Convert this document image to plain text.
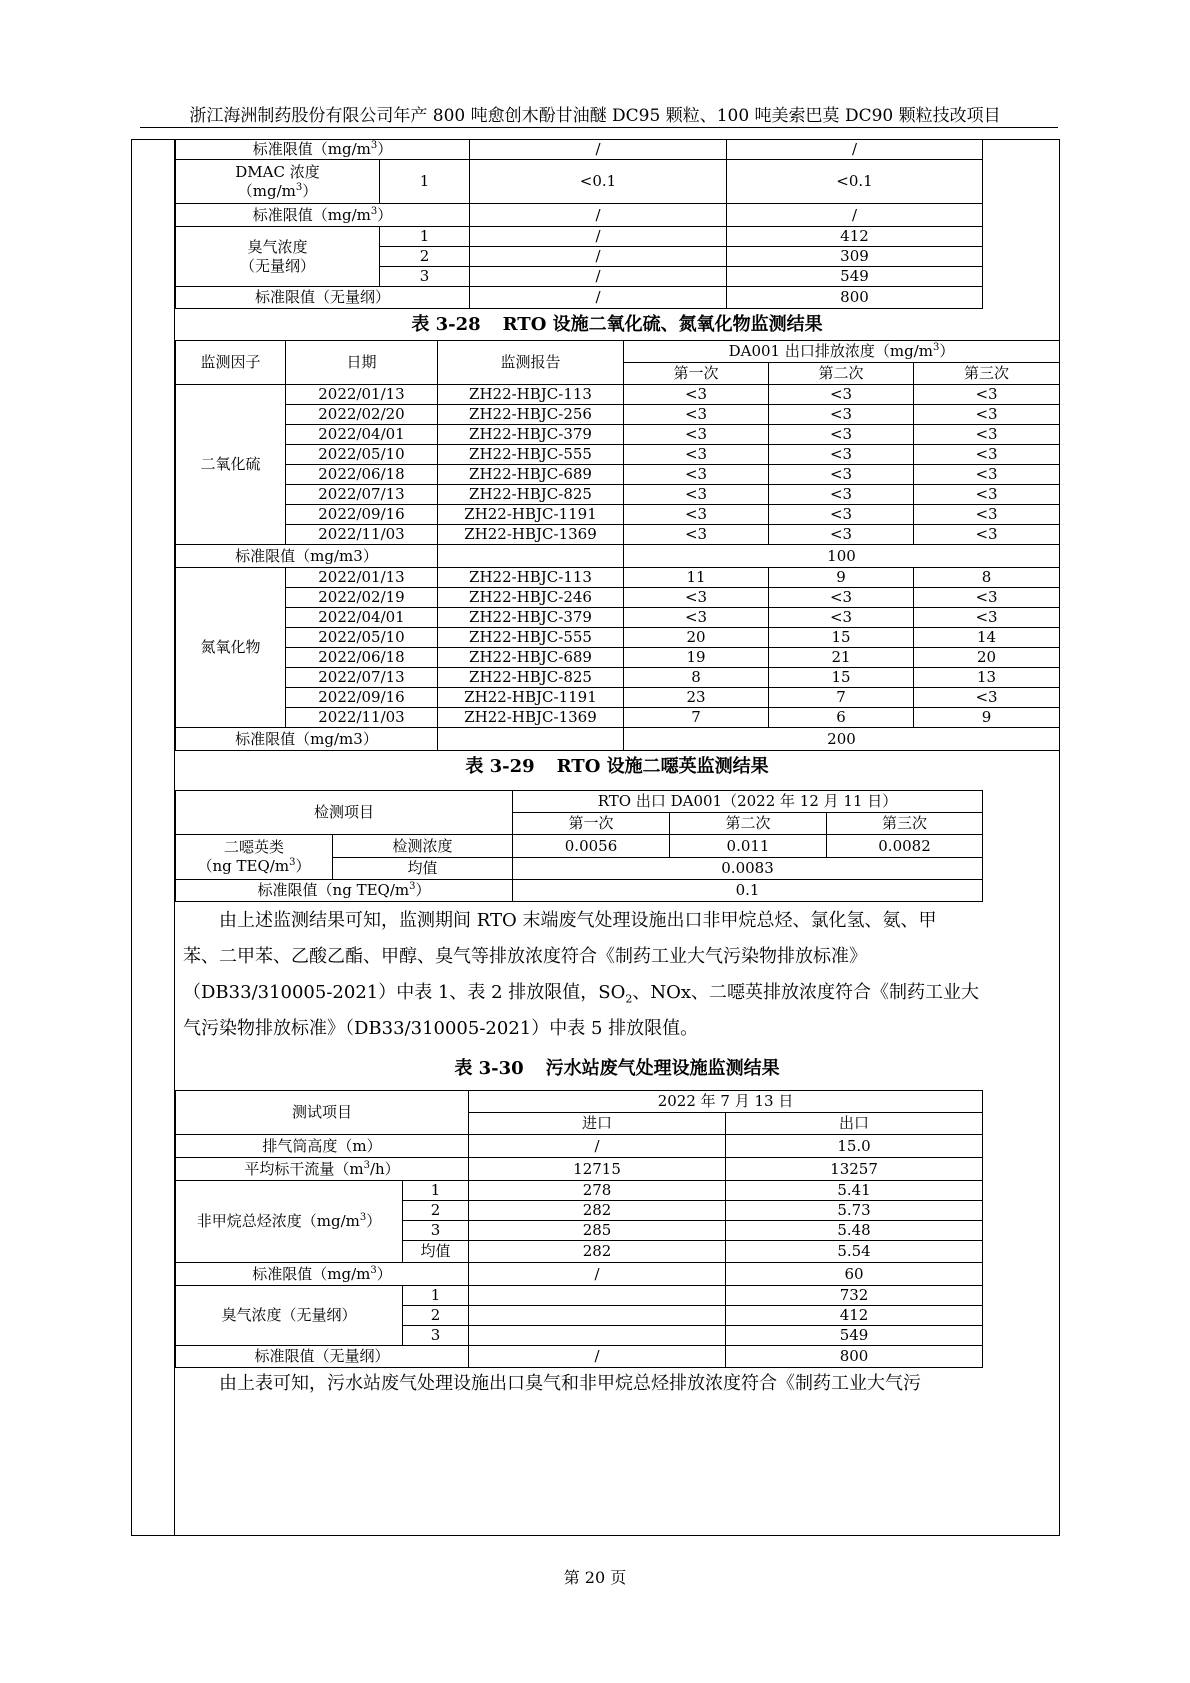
浙江海洲制药股份有限公司年产 800 吨愈创木酚甘油醚 DC95 颗粒、100 吨美索巴莫 DC90 颗粒技改项目
标准限值$(mg/m^3)$		/	/
DMAC 浓度
$(mg/m^3)$	1	<0.1	<0.1
标准限值$(mg/m^3)$		/	/
臭气浓度
（无量纲）	1	/	412
	2	/	309
	3	/	549
标准限值（无量纲）		/	800
表 3-28 RTO 设施二氧化硫、氮氧化物监测结果
监测因子	日期	监测报告	DA001 出口排放浓度$(mg/m^3)$		
			第一次	第二次	第三次
二氧化硫	2022/01/13	ZH22-HBJC-113	<3	<3	<3
	2022/02/20	ZH22-HBJC-256	<3	<3	<3
	2022/04/01	ZH22-HBJC-379	<3	<3	<3
	2022/05/10	ZH22-HBJC-555	<3	<3	<3
	2022/06/18	ZH22-HBJC-689	<3	<3	<3
	2022/07/13	ZH22-HBJC-825	<3	<3	<3
	2022/09/16	ZH22-HBJC-1191	<3	<3	<3
	2022/11/03	ZH22-HBJC-1369	<3	<3	<3
标准限值（mg/m3）			100		
氮氧化物	2022/01/13	ZH22-HBJC-113	11	9	8
	2022/02/19	ZH22-HBJC-246	<3	<3	<3
	2022/04/01	ZH22-HBJC-379	<3	<3	<3
	2022/05/10	ZH22-HBJC-555	20	15	14
	2022/06/18	ZH22-HBJC-689	19	21	20
	2022/07/13	ZH22-HBJC-825	8	15	13
	2022/09/16	ZH22-HBJC-1191	23	7	<3
	2022/11/03	ZH22-HBJC-1369	7	6	9
标准限值（mg/m3）			200		
表 3-29 RTO 设施二噁英监测结果
检测项目		RTO 出口 DA001（2022 年 12 月 11 日）		
		第一次	第二次	第三次
二噁英类
（ng TEQ/$m^3$）	检测浓度	0.0056	0.011	0.0082
	均值	0.0083		
标准限值（ng TEQ/$m^3$）		0.1		
由上述监测结果可知，监测期间 RTO 末端废气处理设施出口非甲烷总烃、氯化氢、氨、甲
苯、二甲苯、乙酸乙酯、甲醇、臭气等排放浓度符合《制药工业大气污染物排放标准》
（DB33/310005-2021）中表 1、表 2 排放限值，$SO_2$、NOx、二噁英排放浓度符合《制药工业大
气污染物排放标准》（DB33/310005-2021）中表 5 排放限值。
表 3-30 污水站废气处理设施监测结果
测试项目		2022 年 7 月 13 日	
		进口	出口
排气筒高度（m）		/	15.0
平均标干流量$(m^3/h)$		12715	13257
非甲烷总烃浓度$(mg/m^3)$	1	278	5.41
	2	282	5.73
	3	285	5.48
	均值	282	5.54
标准限值$(mg/m^3)$		/	60
臭气浓度（无量纲）	1		732
	2		412
	3		549
标准限值（无量纲）		/	800
由上表可知，污水站废气处理设施出口臭气和非甲烷总烃排放浓度符合《制药工业大气污
第 20 页
